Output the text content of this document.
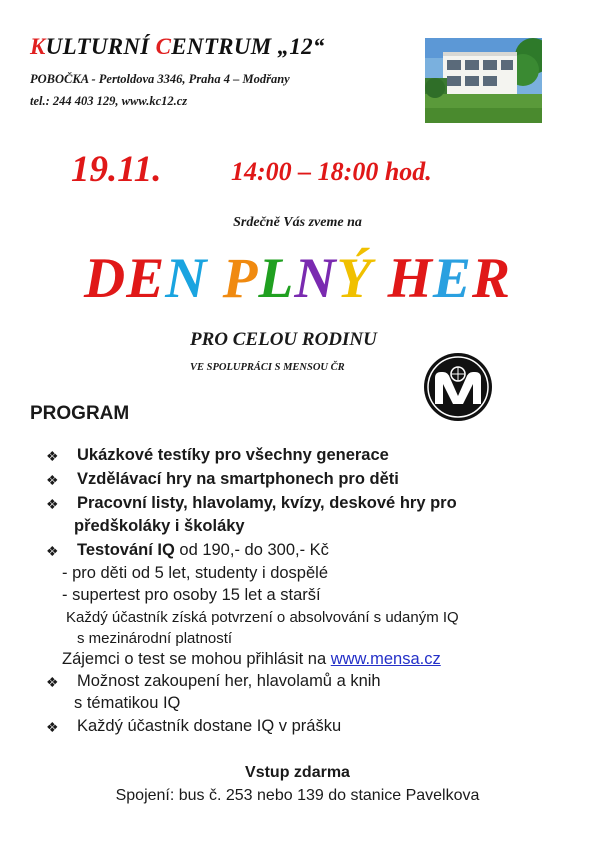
KULTURNÍ CENTRUM „12“
POBOČKA - Pertoldova 3346, Praha 4 – Modřany
tel.: 244 403 129, www.kc12.cz
19.11.	14:00 – 18:00 hod.
Srdečně Vás zveme na
DEN PLNÝ HER
PRO CELOU RODINU
VE SPOLUPRÁCI S MENSOU ČR
PROGRAM
❖ Ukázkové testíky pro všechny generace
❖ Vzdělávací hry na smartphonech pro děti
❖ Pracovní listy, hlavolamy, kvízy, deskové hry pro
předškoláky i školáky
❖ Testování IQ od 190,- do 300,- Kč
- pro děti od 5 let, studenty i dospělé
- supertest pro osoby 15 let a starší
Každý účastník získá potvrzení o absolvování s udaným IQ
s mezinárodní platností
Zájemci o test se mohou přihlásit na www.mensa.cz
❖ Možnost zakoupení her, hlavolamů a knih
s tématikou IQ
❖ Každý účastník dostane IQ v prášku
Vstup zdarma
Spojení: bus č. 253 nebo 139 do stanice Pavelkova
